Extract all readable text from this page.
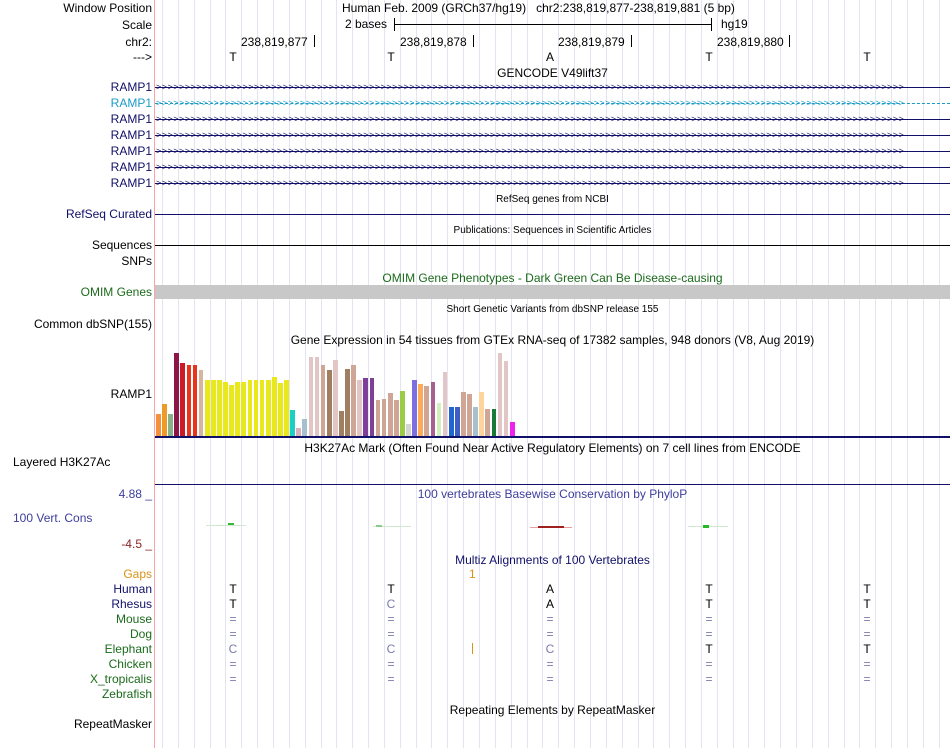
Window Position	Human Feb. 2009 (GRCh37/hg19)   chr2:238,819,877-238,819,881 (5 bp)
Scale	2 bases	hg19
chr2:	238,819,877	238,819,878	238,819,879	238,819,880
--->	T	T	A	T	T
GENCODE V49lift37
RAMP1 >>>>>>>>>>>>>>>>>>>>>>>>>>>>>>>>>>>>>>>>>>>>>>>>>>>>>>>>>>>>>>>>>>>>>>>>>>>>>>>>>>>>>>>>>>>>>>>>>>>>>>>>>>>>>>>>>>>>>>>>>>>>>>>>>>
RAMP1 >>>>>>>>>>>>>>>>>>>>>>>>>>>>>>>>>>>>>>>>>>>>>>>>>>>>>>>>>>>>>>>>>>>>>>>>>>>>>>>>>>>>>>>>>>>>>>>>>>>>>>>>>>>>>>>>>>>>>>>>>>>>>>>>>>
RAMP1 >>>>>>>>>>>>>>>>>>>>>>>>>>>>>>>>>>>>>>>>>>>>>>>>>>>>>>>>>>>>>>>>>>>>>>>>>>>>>>>>>>>>>>>>>>>>>>>>>>>>>>>>>>>>>>>>>>>>>>>>>>>>>>>>>>
RAMP1 >>>>>>>>>>>>>>>>>>>>>>>>>>>>>>>>>>>>>>>>>>>>>>>>>>>>>>>>>>>>>>>>>>>>>>>>>>>>>>>>>>>>>>>>>>>>>>>>>>>>>>>>>>>>>>>>>>>>>>>>>>>>>>>>>>
RAMP1 >>>>>>>>>>>>>>>>>>>>>>>>>>>>>>>>>>>>>>>>>>>>>>>>>>>>>>>>>>>>>>>>>>>>>>>>>>>>>>>>>>>>>>>>>>>>>>>>>>>>>>>>>>>>>>>>>>>>>>>>>>>>>>>>>>
RAMP1 >>>>>>>>>>>>>>>>>>>>>>>>>>>>>>>>>>>>>>>>>>>>>>>>>>>>>>>>>>>>>>>>>>>>>>>>>>>>>>>>>>>>>>>>>>>>>>>>>>>>>>>>>>>>>>>>>>>>>>>>>>>>>>>>>>
RAMP1 >>>>>>>>>>>>>>>>>>>>>>>>>>>>>>>>>>>>>>>>>>>>>>>>>>>>>>>>>>>>>>>>>>>>>>>>>>>>>>>>>>>>>>>>>>>>>>>>>>>>>>>>>>>>>>>>>>>>>>>>>>>>>>>>>>
RefSeq genes from NCBI
RefSeq Curated
Publications: Sequences in Scientific Articles
Sequences
SNPs
OMIM Gene Phenotypes - Dark Green Can Be Disease-causing
OMIM Genes
Short Genetic Variants from dbSNP release 155
Common dbSNP(155)
Gene Expression in 54 tissues from GTEx RNA-seq of 17382 samples, 948 donors (V8, Aug 2019)
RAMP1
H3K27Ac Mark (Often Found Near Active Regulatory Elements) on 7 cell lines from ENCODE
Layered H3K27Ac
4.88 _	100 vertebrates Basewise Conservation by PhyloP
100 Vert. Cons
-4.5 _
Multiz Alignments of 100 Vertebrates
Gaps	1
Human	T	T	A	T	T
Rhesus	T	C	A	T	T
Mouse	=	=	=	=	=
Dog	=	=	=	=	=
Elephant	C	C	C	T	T
Chicken	=	=	=	=	=
X_tropicalis	=	=	=	=	=
Zebrafish
Repeating Elements by RepeatMasker
RepeatMasker
